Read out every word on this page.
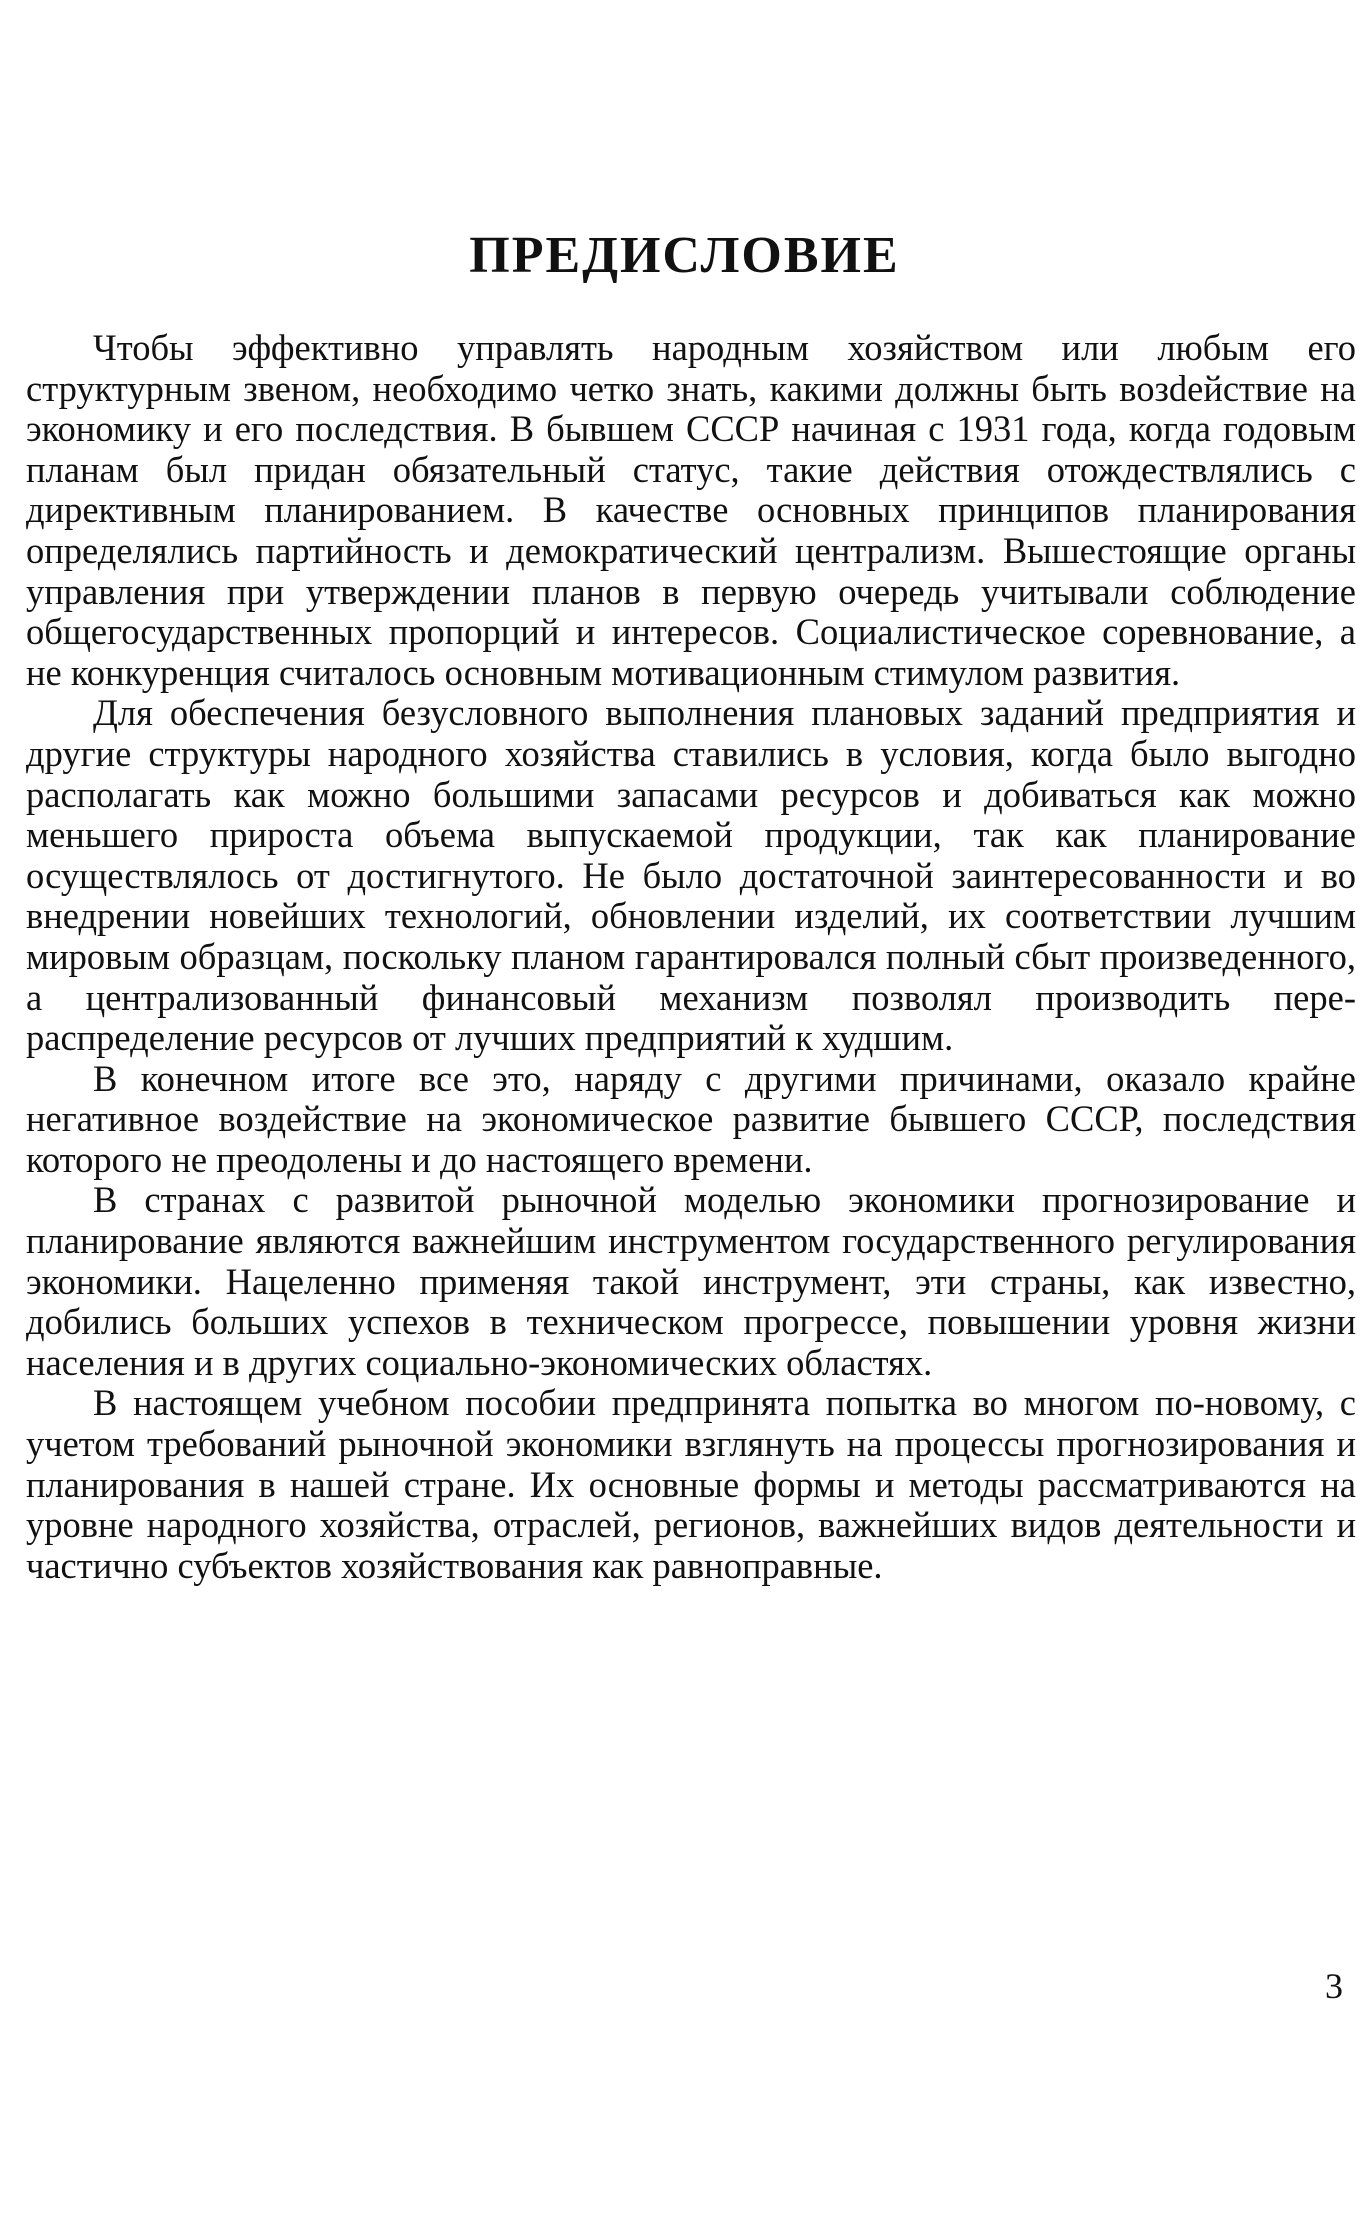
ПРЕДИСЛОВИЕ

Чтобы эффективно управлять народным хозяйством или любым его структурным звеном, необходимо четко знать, какими должны быть возdействие на экономику и его последствия. В бывшем СССР начиная с 1931 года, когда годовым планам был придан обязательный статус, такие действия отождествлялись с директивным планированием. В качестве основных принципов планирования определялись партийность и демократический централизм. Вышестоящие органы управления при утверждении планов в первую очередь учитывали соблюдение общегосударственных пропорций и интересов. Социалистическое соревнование, а не конкуренция считалось основным мотивационным стимулом развития.

Для обеспечения безусловного выполнения плановых заданий предприятия и другие структуры народного хозяйства ставились в условия, когда было выгодно располагать как можно большими запасами ресурсов и добиваться как можно меньшего прироста объема выпускаемой продукции, так как планирование осуществлялось от достигнутого. Не было достаточной заинтересованности и во внедрении новейших технологий, обновлении изделий, их соответствии лучшим мировым образцам, поскольку планом гарантировался полный сбыт произведенного, а централизованный финансовый механизм позволял производить перераспределение ресурсов от лучших предприятий к худшим.

В конечном итоге все это, наряду с другими причинами, оказало крайне негативное воздействие на экономическое развитие бывшего СССР, последствия которого не преодолены и до настоящего времени.

В странах с развитой рыночной моделью экономики прогнозирование и планирование являются важнейшим инструментом государственного регулирования экономики. Нацеленно применяя такой инструмент, эти страны, как известно, добились больших успехов в техническом прогрессе, повышении уровня жизни населения и в других социально-экономических областях.

В настоящем учебном пособии предпринята попытка во многом по-новому, с учетом требований рыночной экономики взглянуть на процессы прогнозирования и планирования в нашей стране. Их основные формы и методы рассматриваются на уровне народного хозяйства, отраслей, регионов, важнейших видов деятельности и частично субъектов хозяйствования как равноправные.

3
